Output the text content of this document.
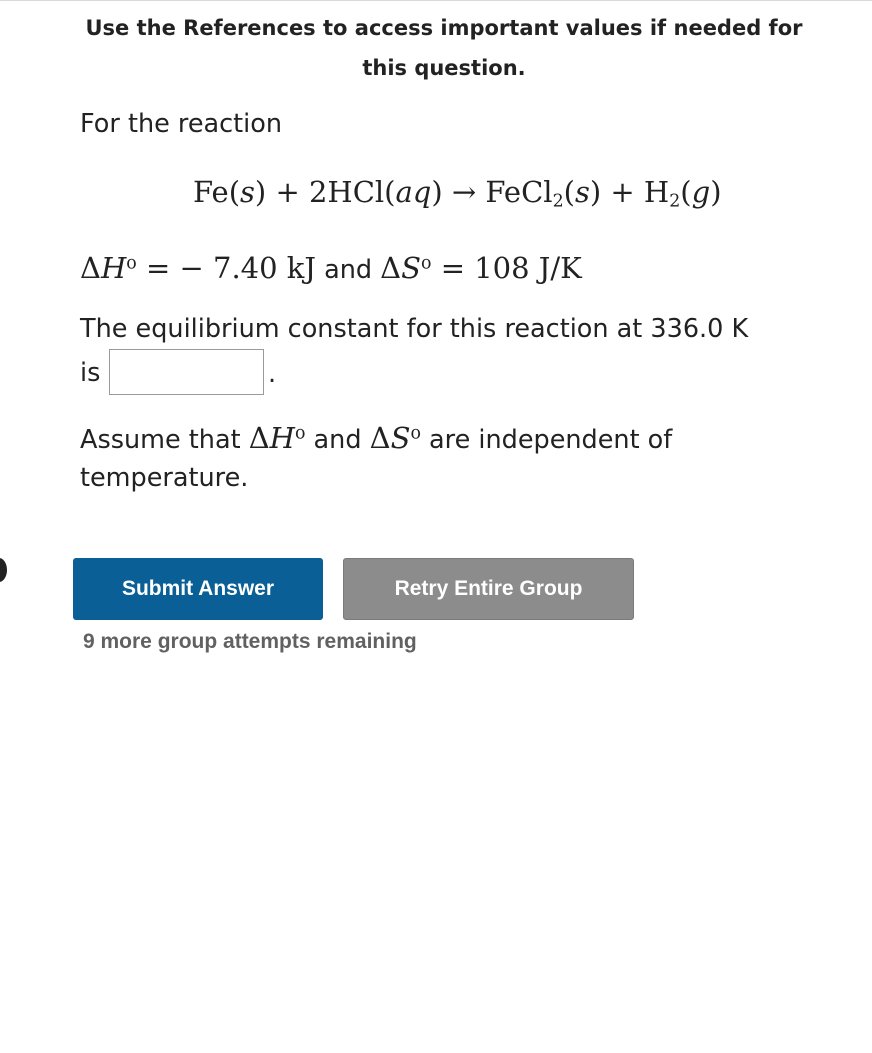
Use the References to access important values if needed for
this question.
For the reaction
Fe(s) + 2HCl(aq) → FeCl$_2$(s) + $H_2(g)$
$\Delta H^o$ = − 7.40 kJ and $\Delta S^o = 108$ J/K
The equilibrium constant for this reaction at 336.0 K
is	.
Assume that $\Delta H^o$ and $\Delta S^o$ are independent of
temperature.
Submit Answer	Retry Entire Group
9 more group attempts remaining
